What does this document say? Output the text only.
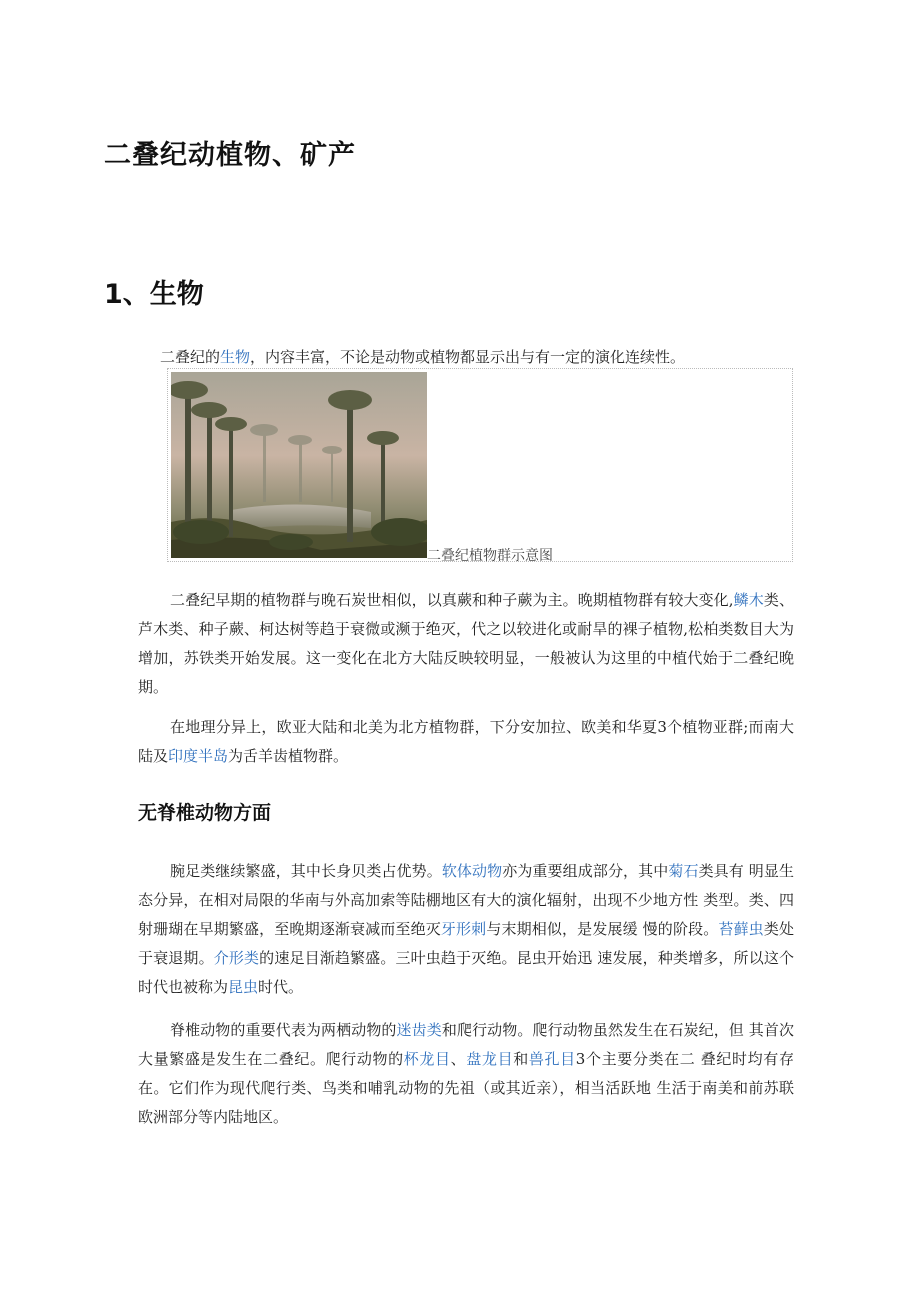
二叠纪动植物、矿产
1、生物

二叠纪的生物，内容丰富，不论是动物或植物都显示出与有一定的演化连续性。

二叠纪植物群示意图

二叠纪早期的植物群与晚石炭世相似，以真蕨和种子蕨为主。晚期植物群有较大变化,鳞木类、芦木类、种子蕨、柯达树等趋于衰微或濒于绝灭，代之以较进化或耐旱的裸子植物,松柏类数目大为增加，苏铁类开始发展。这一变化在北方大陆反映较明显，一般被认为这里的中植代始于二叠纪晚期。

在地理分异上，欧亚大陆和北美为北方植物群，下分安加拉、欧美和华夏3个植物亚群;而南大陆及印度半岛为舌羊齿植物群。

无脊椎动物方面

腕足类继续繁盛，其中长身贝类占优势。软体动物亦为重要组成部分，其中菊石类具有 明显生态分异，在相对局限的华南与外高加索等陆棚地区有大的演化辐射，出现不少地方性 类型。类、四射珊瑚在早期繁盛，至晚期逐渐衰减而至绝灭牙形刺与末期相似，是发展缓 慢的阶段。苔藓虫类处于衰退期。介形类的速足目渐趋繁盛。三叶虫趋于灭绝。昆虫开始迅 速发展，种类增多，所以这个时代也被称为昆虫时代。

脊椎动物的重要代表为两栖动物的迷齿类和爬行动物。爬行动物虽然发生在石炭纪，但 其首次大量繁盛是发生在二叠纪。爬行动物的杯龙目、盘龙目和兽孔目3个主要分类在二 叠纪时均有存在。它们作为现代爬行类、鸟类和哺乳动物的先祖（或其近亲），相当活跃地 生活于南美和前苏联欧洲部分等内陆地区。
